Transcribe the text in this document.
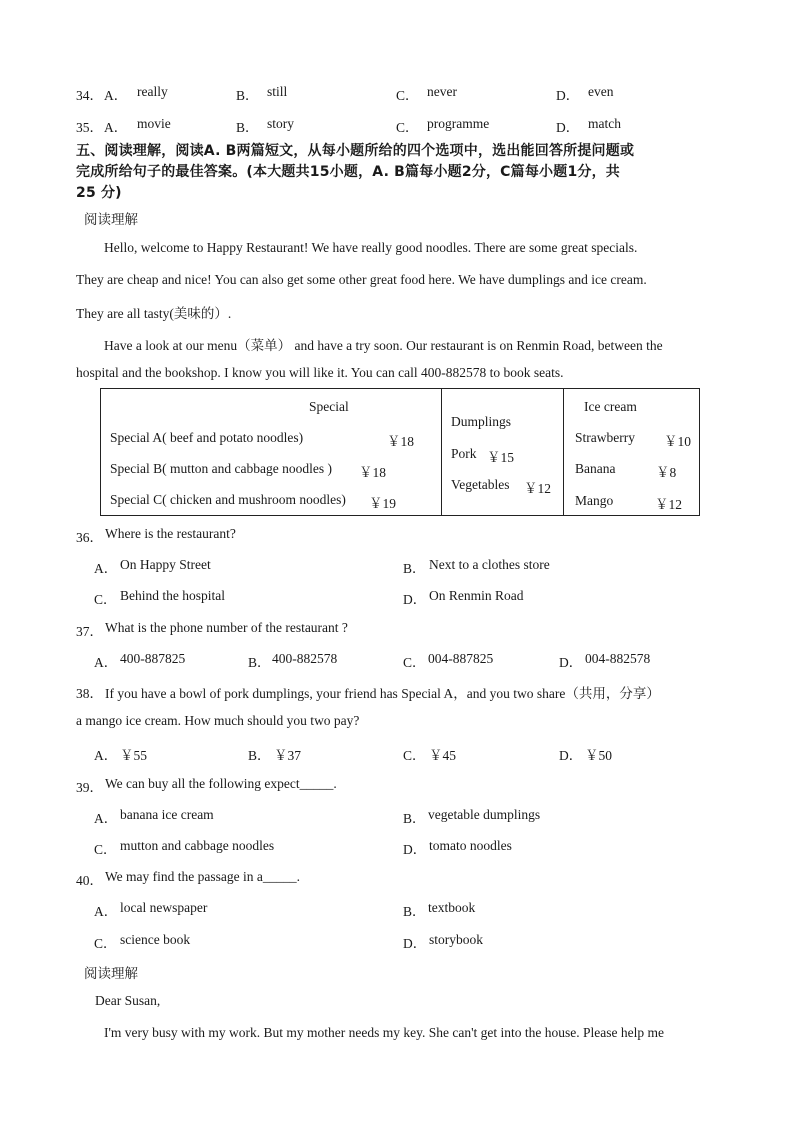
34． A． really	B． still	C． never	D． even
35． A． movie	B． story	C． programme	D． match
五、阅读理解，阅读A. B两篇短文，从每小题所给的四个选项中，选出能回答所提问题或
完成所给句子的最佳答案。(本大题共15小题，A. B篇每小题2分，C篇每小题1分，共
25 分)
阅读理解
Hello, welcome to Happy Restaurant! We have really good noodles. There are some great specials.
They are cheap and nice! You can also get some other great food here. We have dumplings and ice cream.
They are all tasty(美味的）.
Have a look at our menu（菜单） and have a try soon. Our restaurant is on Renmin Road, between the
hospital and the bookshop. I know you will like it. You can call 400-882578 to book seats.
Special
Special A( beef and potato noodles)	￥18
Special B( mutton and cabbage noodles ) ￥18
Special C( chicken and mushroom noodles) ￥19

Dumplings
Pork ￥15
Vegetables ￥12

Ice cream
Strawberry ￥10
Banana	￥8
Mango	￥12
36． Where is the restaurant?
A． On Happy Street	B． Next to a clothes store
C． Behind the hospital	D． On Renmin Road
37． What is the phone number of the restaurant ?
A． 400-887825	B． 400-882578	C． 004-887825	D． 004-882578
38． If you have a bowl of pork dumplings, your friend has Special A，and you two share（共用，分享）
a mango ice cream. How much should you two pay?
A． ￥55	B． ￥37	C． ￥45	D． ￥50
39． We can buy all the following expect_____.
A． banana ice cream	B． vegetable dumplings
C． mutton and cabbage noodles	D． tomato noodles
40． We may find the passage in a_____.
A． local newspaper	B． textbook
C． science book	D． storybook
阅读理解
Dear Susan,
I'm very busy with my work. But my mother needs my key. She can't get into the house. Please help me
